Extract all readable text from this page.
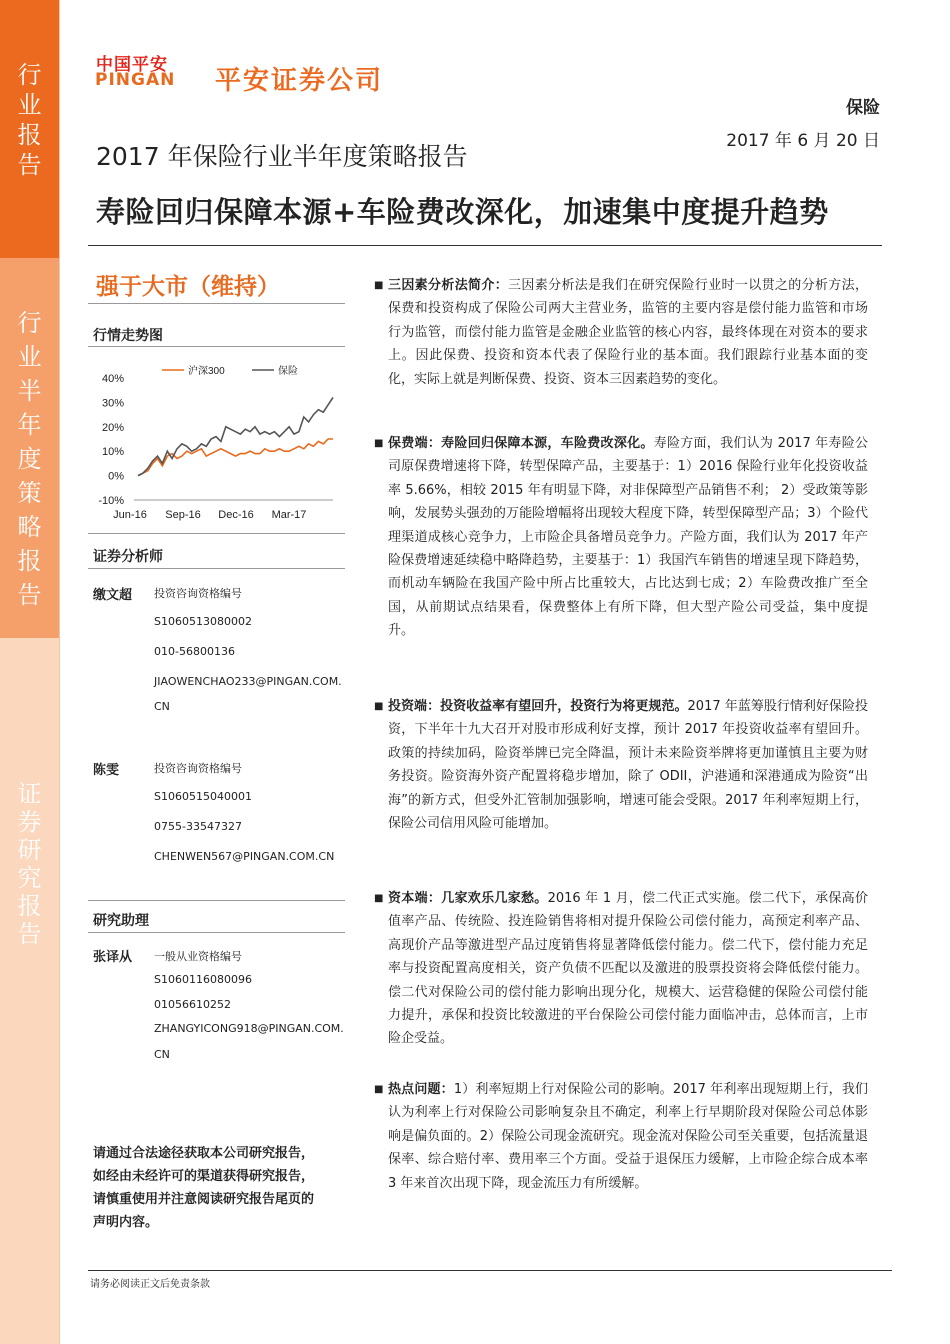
行
业
报
告
行
业
半
年
度
策
略
报
告
证
券
研
究
报
告
中国平安
PINGAN 平安证券公司
保险
2017 年 6 月 20 日
2017 年保险行业半年度策略报告
寿险回归保障本源+车险费改深化，加速集中度提升趋势
强于大市（维持）
行情走势图
40%
30%
20%
10%
0%
-10%
Jun-16 Sep-16 Dec-16 Mar-17
沪深300	保险
证券分析师
缴文超 投资咨询资格编号
S1060513080002
010-56800136
JIAOWENCHAO233@PINGAN.COM.
CN
陈雯	投资咨询资格编号
S1060515040001
0755-33547327
CHENWEN567@PINGAN.COM.CN
研究助理
张译从 一般从业资格编号
S1060116080096
01056610252
ZHANGYICONG918@PINGAN.COM.
CN
请通过合法途径获取本公司研究报告，如经由未经许可的渠道获得研究报告，请慎重使用并注意阅读研究报告尾页的声明内容。
■ 三因素分析法简介：三因素分析法是我们在研究保险行业时一以贯之的分析方法，保费和投资构成了保险公司两大主营业务，监管的主要内容是偿付能力监管和市场行为监管，而偿付能力监管是金融企业监管的核心内容，最终体现在对资本的要求上。因此保费、投资和资本代表了保险行业的基本面。我们跟踪行业基本面的变化，实际上就是判断保费、投资、资本三因素趋势的变化。
■ 保费端：寿险回归保障本源，车险费改深化。寿险方面，我们认为 2017 年寿险公司原保费增速将下降，转型保障产品，主要基于：1）2016 保险行业年化投资收益率 5.66%，相较 2015 年有明显下降，对非保障型产品销售不利； 2）受政策等影响，发展势头强劲的万能险增幅将出现较大程度下降，转型保障型产品；3）个险代理渠道成核心竞争力，上市险企具备增员竞争力。产险方面，我们认为 2017 年产险保费增速延续稳中略降趋势，主要基于：1）我国汽车销售的增速呈现下降趋势，而机动车辆险在我国产险中所占比重较大，占比达到七成；2）车险费改推广至全国，从前期试点结果看，保费整体上有所下降，但大型产险公司受益，集中度提升。
■ 投资端：投资收益率有望回升，投资行为将更规范。2017 年蓝筹股行情利好保险投资，下半年十九大召开对股市形成利好支撑，预计 2017 年投资收益率有望回升。政策的持续加码，险资举牌已完全降温，预计未来险资举牌将更加谨慎且主要为财务投资。险资海外资产配置将稳步增加，除了 ODII，沪港通和深港通成为险资“出海”的新方式，但受外汇管制加强影响，增速可能会受限。2017 年利率短期上行，保险公司信用风险可能增加。
■ 资本端：几家欢乐几家愁。2016 年 1 月，偿二代正式实施。偿二代下，承保高价值率产品、传统险、投连险销售将相对提升保险公司偿付能力，高预定利率产品、高现价产品等激进型产品过度销售将显著降低偿付能力。偿二代下，偿付能力充足率与投资配置高度相关，资产负债不匹配以及激进的股票投资将会降低偿付能力。偿二代对保险公司的偿付能力影响出现分化，规模大、运营稳健的保险公司偿付能力提升，承保和投资比较激进的平台保险公司偿付能力面临冲击，总体而言，上市险企受益。
■ 热点问题：1）利率短期上行对保险公司的影响。2017 年利率出现短期上行，我们认为利率上行对保险公司影响复杂且不确定，利率上行早期阶段对保险公司总体影响是偏负面的。2）保险公司现金流研究。现金流对保险公司至关重要，包括流量退保率、综合赔付率、费用率三个方面。受益于退保压力缓解，上市险企综合成本率 3 年来首次出现下降，现金流压力有所缓解。
请务必阅读正文后免责条款
